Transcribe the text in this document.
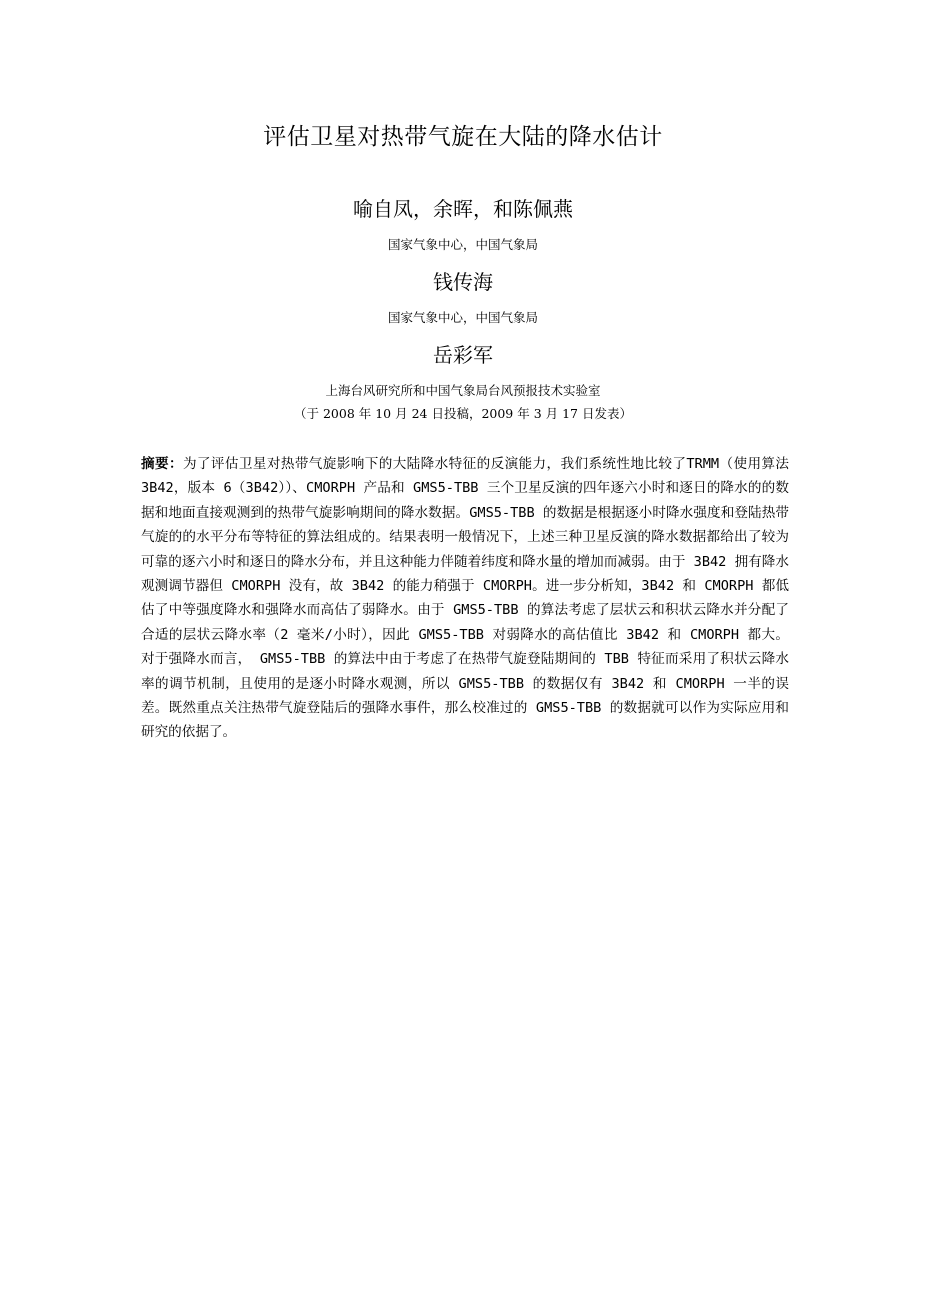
评估卫星对热带气旋在大陆的降水估计
喻自凤，余晖，和陈佩燕
国家气象中心，中国气象局
钱传海
国家气象中心，中国气象局
岳彩军
上海台风研究所和中国气象局台风预报技术实验室
（于 2008 年 10 月 24 日投稿，2009 年 3 月 17 日发表）
摘要：为了评估卫星对热带气旋影响下的大陆降水特征的反演能力，我们系统性地比较了TRMM（使用算法 3B42，版本 6（3B42））、CMORPH 产品和 GMS5-TBB 三个卫星反演的四年逐六小时和逐日的降水的的数据和地面直接观测到的热带气旋影响期间的降水数据。GMS5-TBB 的数据是根据逐小时降水强度和登陆热带气旋的的水平分布等特征的算法组成的。结果表明一般情况下，上述三种卫星反演的降水数据都给出了较为可靠的逐六小时和逐日的降水分布，并且这种能力伴随着纬度和降水量的增加而减弱。由于 3B42 拥有降水观测调节器但 CMORPH 没有，故 3B42 的能力稍强于 CMORPH。进一步分析知，3B42 和 CMORPH 都低估了中等强度降水和强降水而高估了弱降水。由于 GMS5-TBB 的算法考虑了层状云和积状云降水并分配了合适的层状云降水率（2 毫米/小时），因此 GMS5-TBB 对弱降水的高估值比 3B42 和 CMORPH 都大。对于强降水而言， GMS5-TBB 的算法中由于考虑了在热带气旋登陆期间的 TBB 特征而采用了积状云降水率的调节机制，且使用的是逐小时降水观测，所以 GMS5-TBB 的数据仅有 3B42 和 CMORPH 一半的误差。既然重点关注热带气旋登陆后的强降水事件，那么校准过的 GMS5-TBB 的数据就可以作为实际应用和研究的依据了。
